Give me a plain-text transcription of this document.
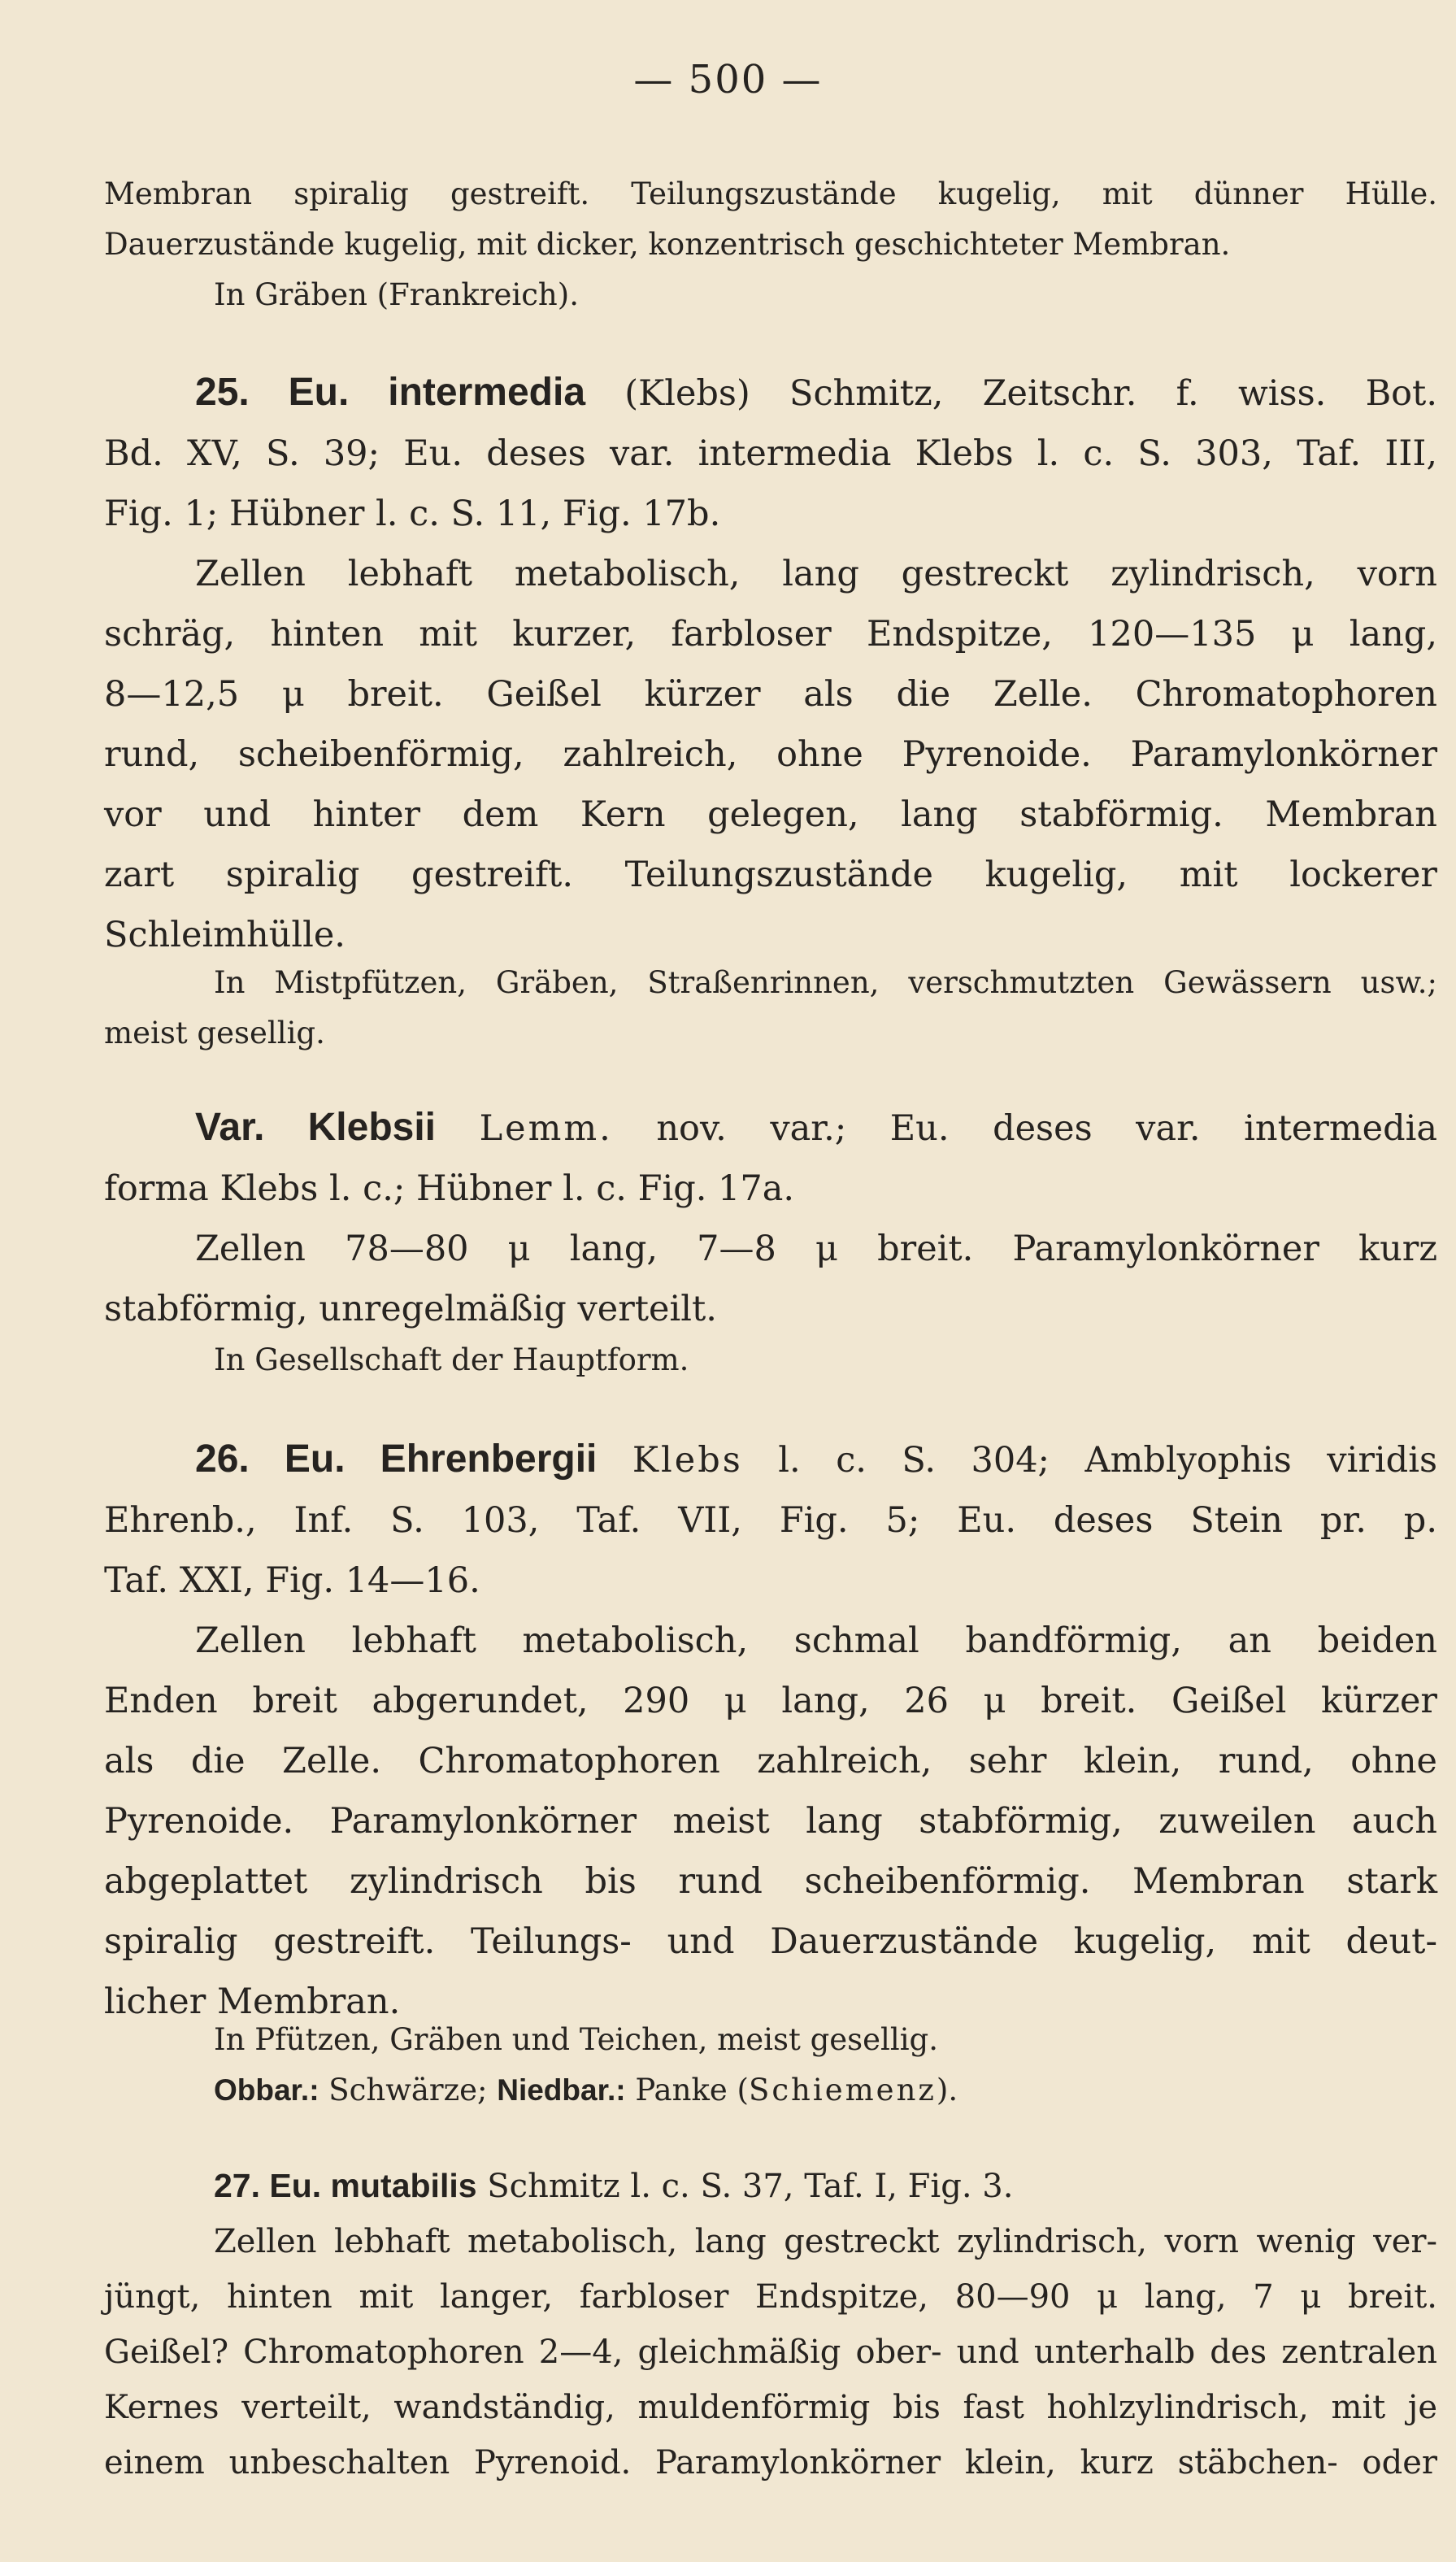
— 500 —

Membran spiralig gestreift. Teilungszustände kugelig, mit dünner Hülle.

Dauerzustände kugelig, mit dicker, konzentrisch geschichteter Membran.

In Gräben (Frankreich).

25. Eu. intermedia (Klebs) Schmitz, Zeitschr. f. wiss. Bot.

Bd. XV, S. 39; Eu. deses var. intermedia Klebs l. c. S. 303, Taf. III,

Fig. 1; Hübner l. c. S. 11, Fig. 17b.

Zellen lebhaft metabolisch, lang gestreckt zylindrisch, vorn

schräg, hinten mit kurzer, farbloser Endspitze, 120—135 μ lang,

8—12,5 μ breit. Geißel kürzer als die Zelle. Chromatophoren

rund, scheibenförmig, zahlreich, ohne Pyrenoide. Paramylonkörner

vor und hinter dem Kern gelegen, lang stabförmig. Membran

zart spiralig gestreift. Teilungszustände kugelig, mit lockerer

Schleimhülle.

In Mistpfützen, Gräben, Straßenrinnen, verschmutzten Gewässern usw.;

meist gesellig.

Var. Klebsii Lemm. nov. var.; Eu. deses var. intermedia

forma Klebs l. c.; Hübner l. c. Fig. 17a.

Zellen 78—80 μ lang, 7—8 μ breit. Paramylonkörner kurz

stabförmig, unregelmäßig verteilt.

In Gesellschaft der Hauptform.

26. Eu. Ehrenbergii Klebs l. c. S. 304; Amblyophis viridis

Ehrenb., Inf. S. 103, Taf. VII, Fig. 5; Eu. deses Stein pr. p.

Taf. XXI, Fig. 14—16.

Zellen lebhaft metabolisch, schmal bandförmig, an beiden

Enden breit abgerundet, 290 μ lang, 26 μ breit. Geißel kürzer

als die Zelle. Chromatophoren zahlreich, sehr klein, rund, ohne

Pyrenoide. Paramylonkörner meist lang stabförmig, zuweilen auch

abgeplattet zylindrisch bis rund scheibenförmig. Membran stark

spiralig gestreift. Teilungs- und Dauerzustände kugelig, mit deut-

licher Membran.

In Pfützen, Gräben und Teichen, meist gesellig.

Obbar.: Schwärze; Niedbar.: Panke (Schiemenz).

27. Eu. mutabilis Schmitz l. c. S. 37, Taf. I, Fig. 3.

Zellen lebhaft metabolisch, lang gestreckt zylindrisch, vorn wenig ver-

jüngt, hinten mit langer, farbloser Endspitze, 80—90 μ lang, 7 μ breit.

Geißel? Chromatophoren 2—4, gleichmäßig ober- und unterhalb des zentralen

Kernes verteilt, wandständig, muldenförmig bis fast hohlzylindrisch, mit je

einem unbeschalten Pyrenoid. Paramylonkörner klein, kurz stäbchen- oder
